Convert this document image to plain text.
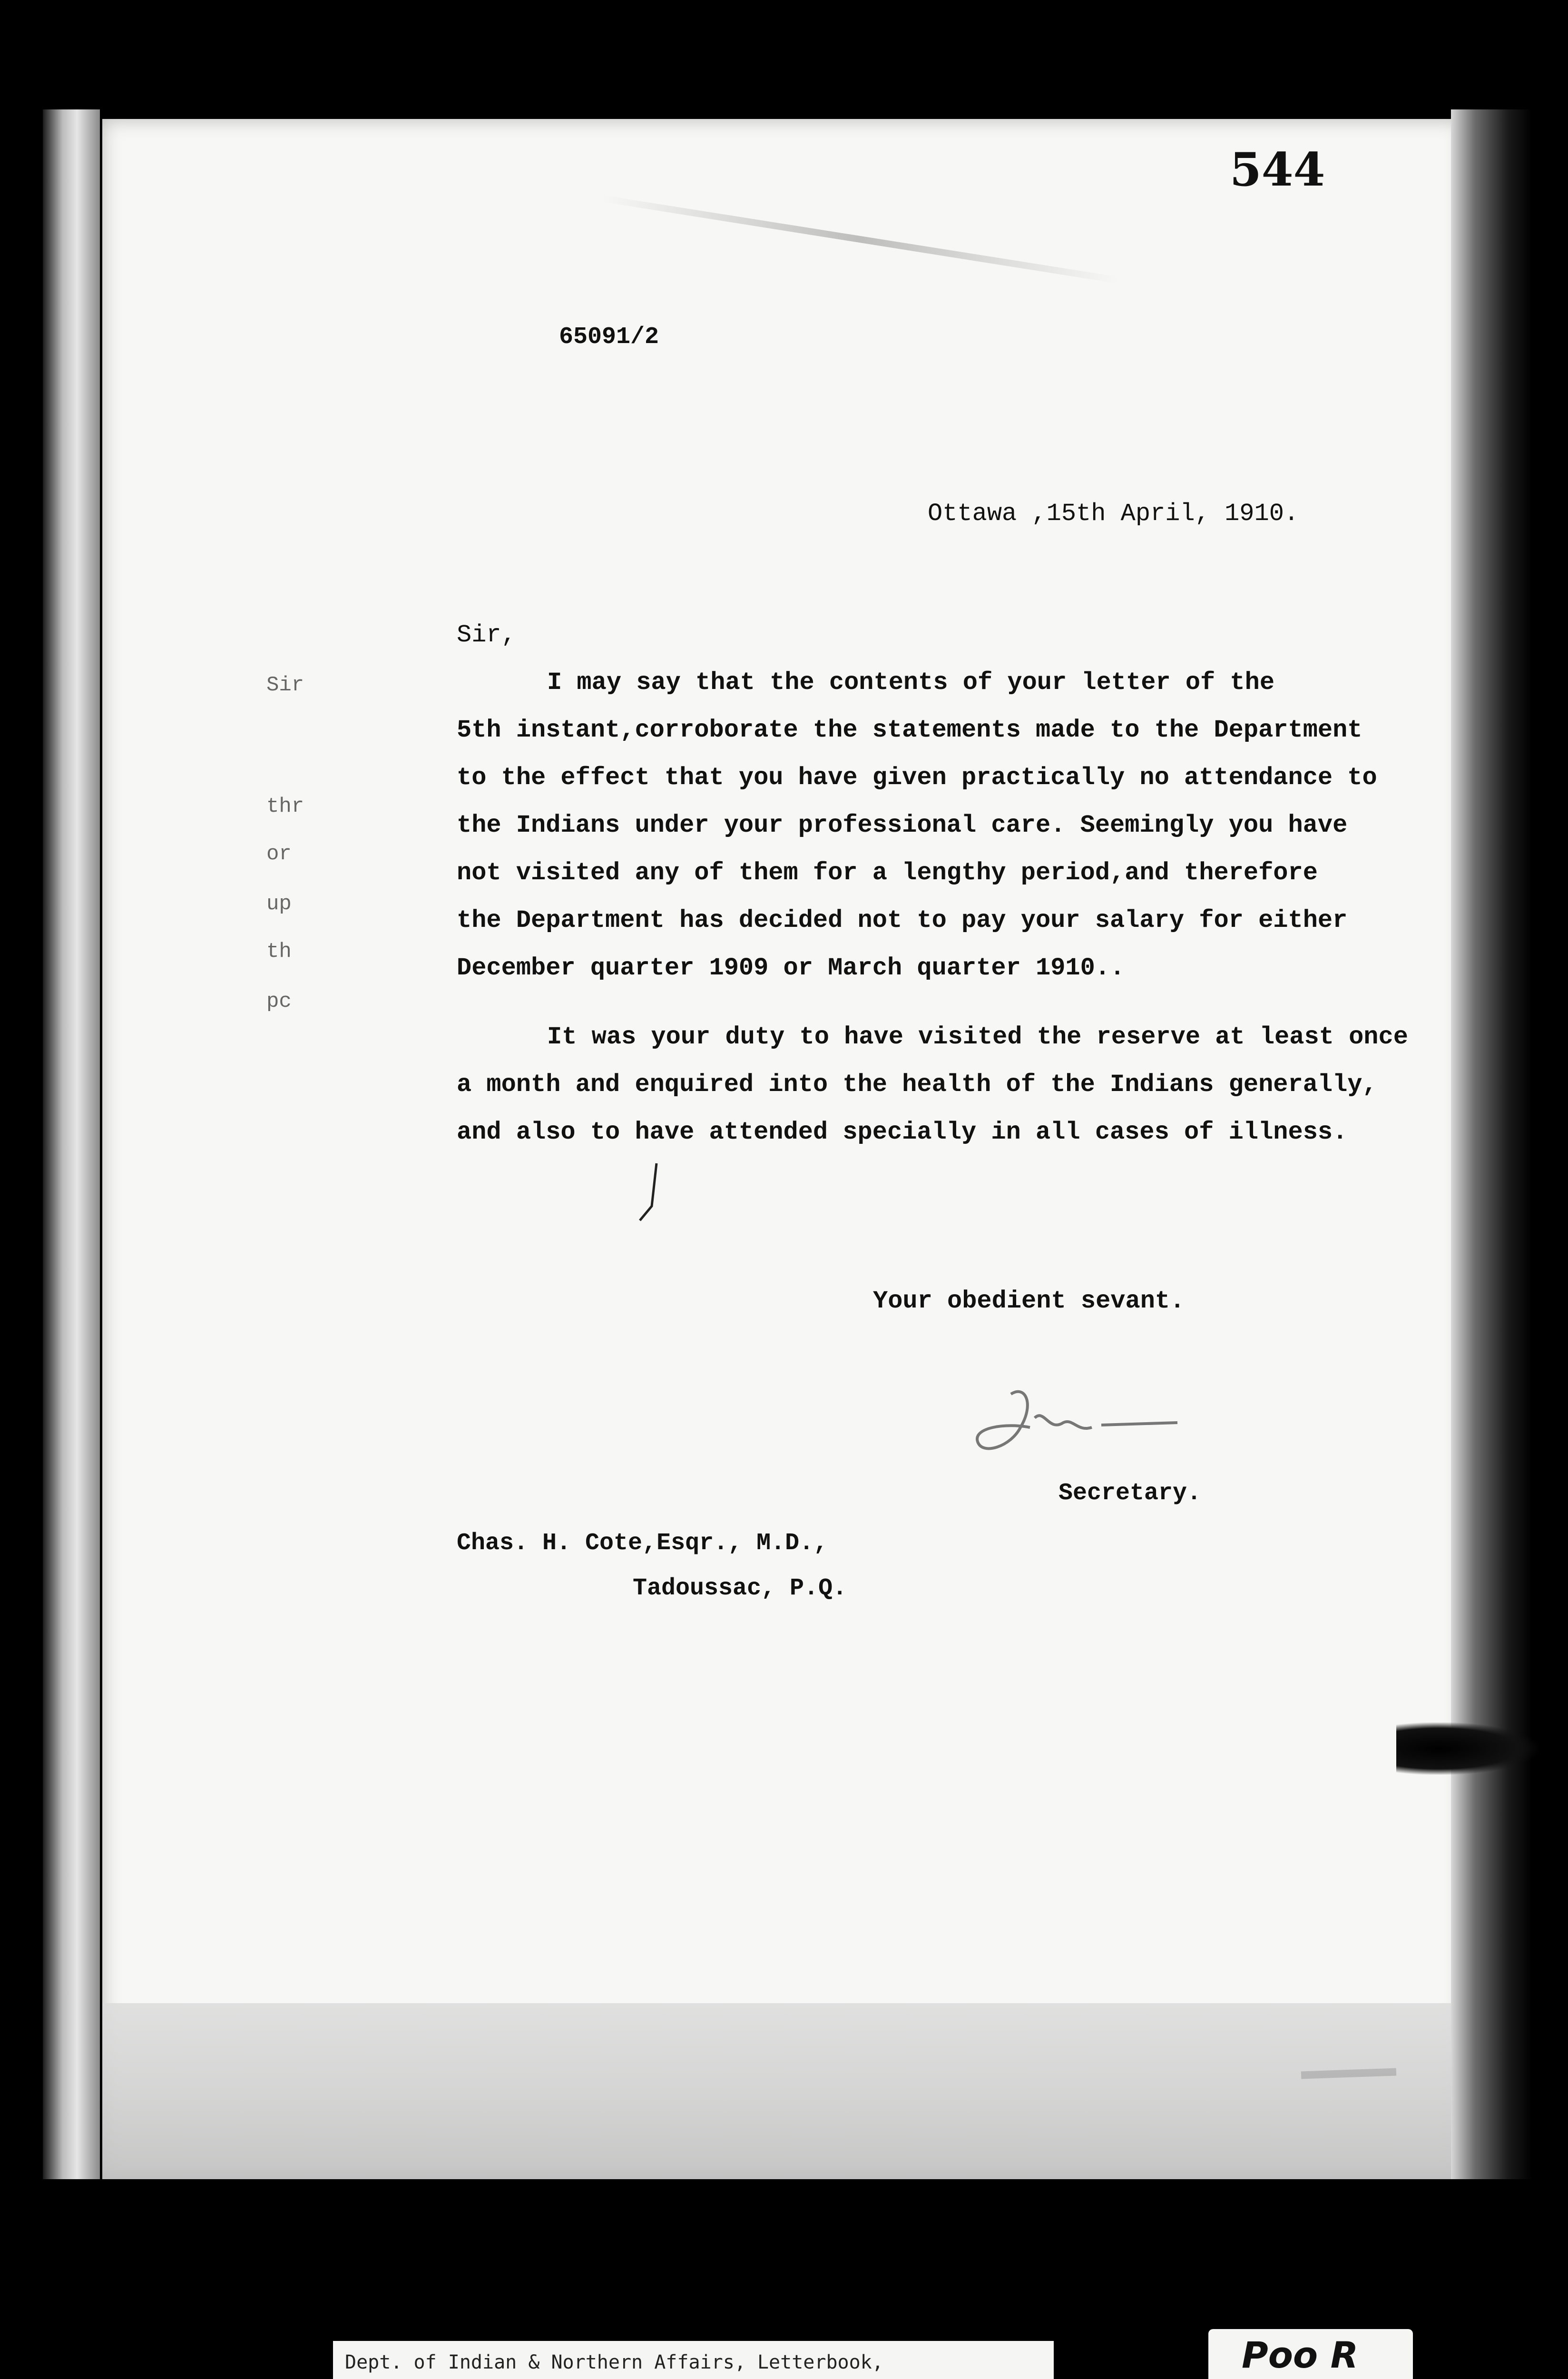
544
65091/2
Ottawa ,15th April, 1910.
Sir,
I may say that the contents of your letter of the
5th instant,corroborate the statements made to the Department
to the effect that you have given practically no attendance to
the Indians under your professional care. Seemingly you have
not visited any of them for a lengthy period,and therefore
the Department has decided not to pay your salary for either
December quarter 1909 or March quarter 1910..
It was your duty to have visited the reserve at least once
a month and enquired into the health of the Indians generally,
and also to have attended specially in all cases of illness.
Sir
thr
or
up
th
pc
Your obedient sevant.
Secretary.
Chas. H. Cote,Esqr., M.D.,
Tadoussac, P.Q.
Dept. of Indian & Northern Affairs, Letterbook,	Poo R
